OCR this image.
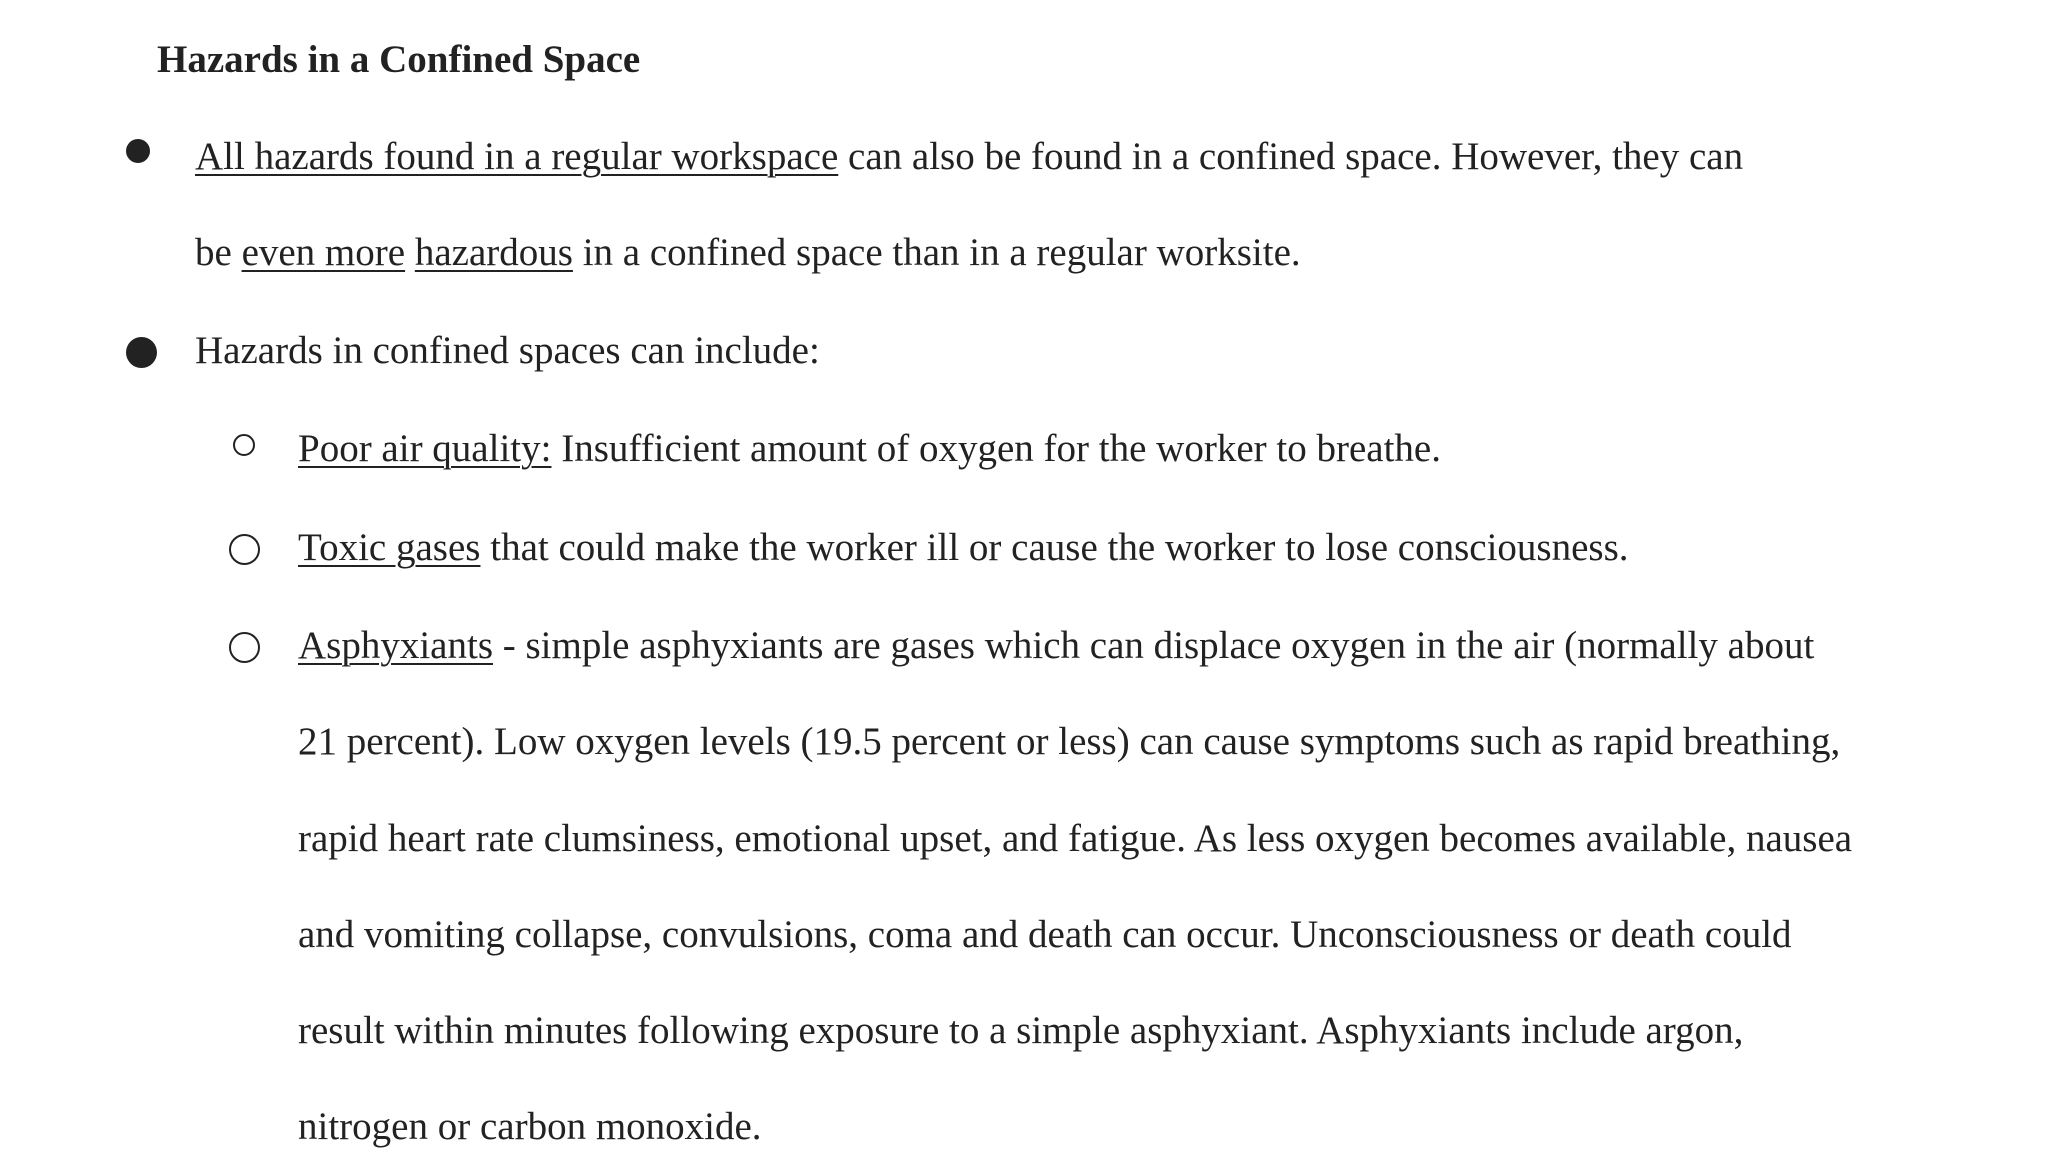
Hazards in a Confined Space
All hazards found in a regular workspace can also be found in a confined space. However, they can
be even more hazardous in a confined space than in a regular worksite.
Hazards in confined spaces can include:
Poor air quality: Insufficient amount of oxygen for the worker to breathe.
Toxic gases that could make the worker ill or cause the worker to lose consciousness.
Asphyxiants - simple asphyxiants are gases which can displace oxygen in the air (normally about
21 percent). Low oxygen levels (19.5 percent or less) can cause symptoms such as rapid breathing,
rapid heart rate clumsiness, emotional upset, and fatigue. As less oxygen becomes available, nausea
and vomiting collapse, convulsions, coma and death can occur. Unconsciousness or death could
result within minutes following exposure to a simple asphyxiant. Asphyxiants include argon,
nitrogen or carbon monoxide.
